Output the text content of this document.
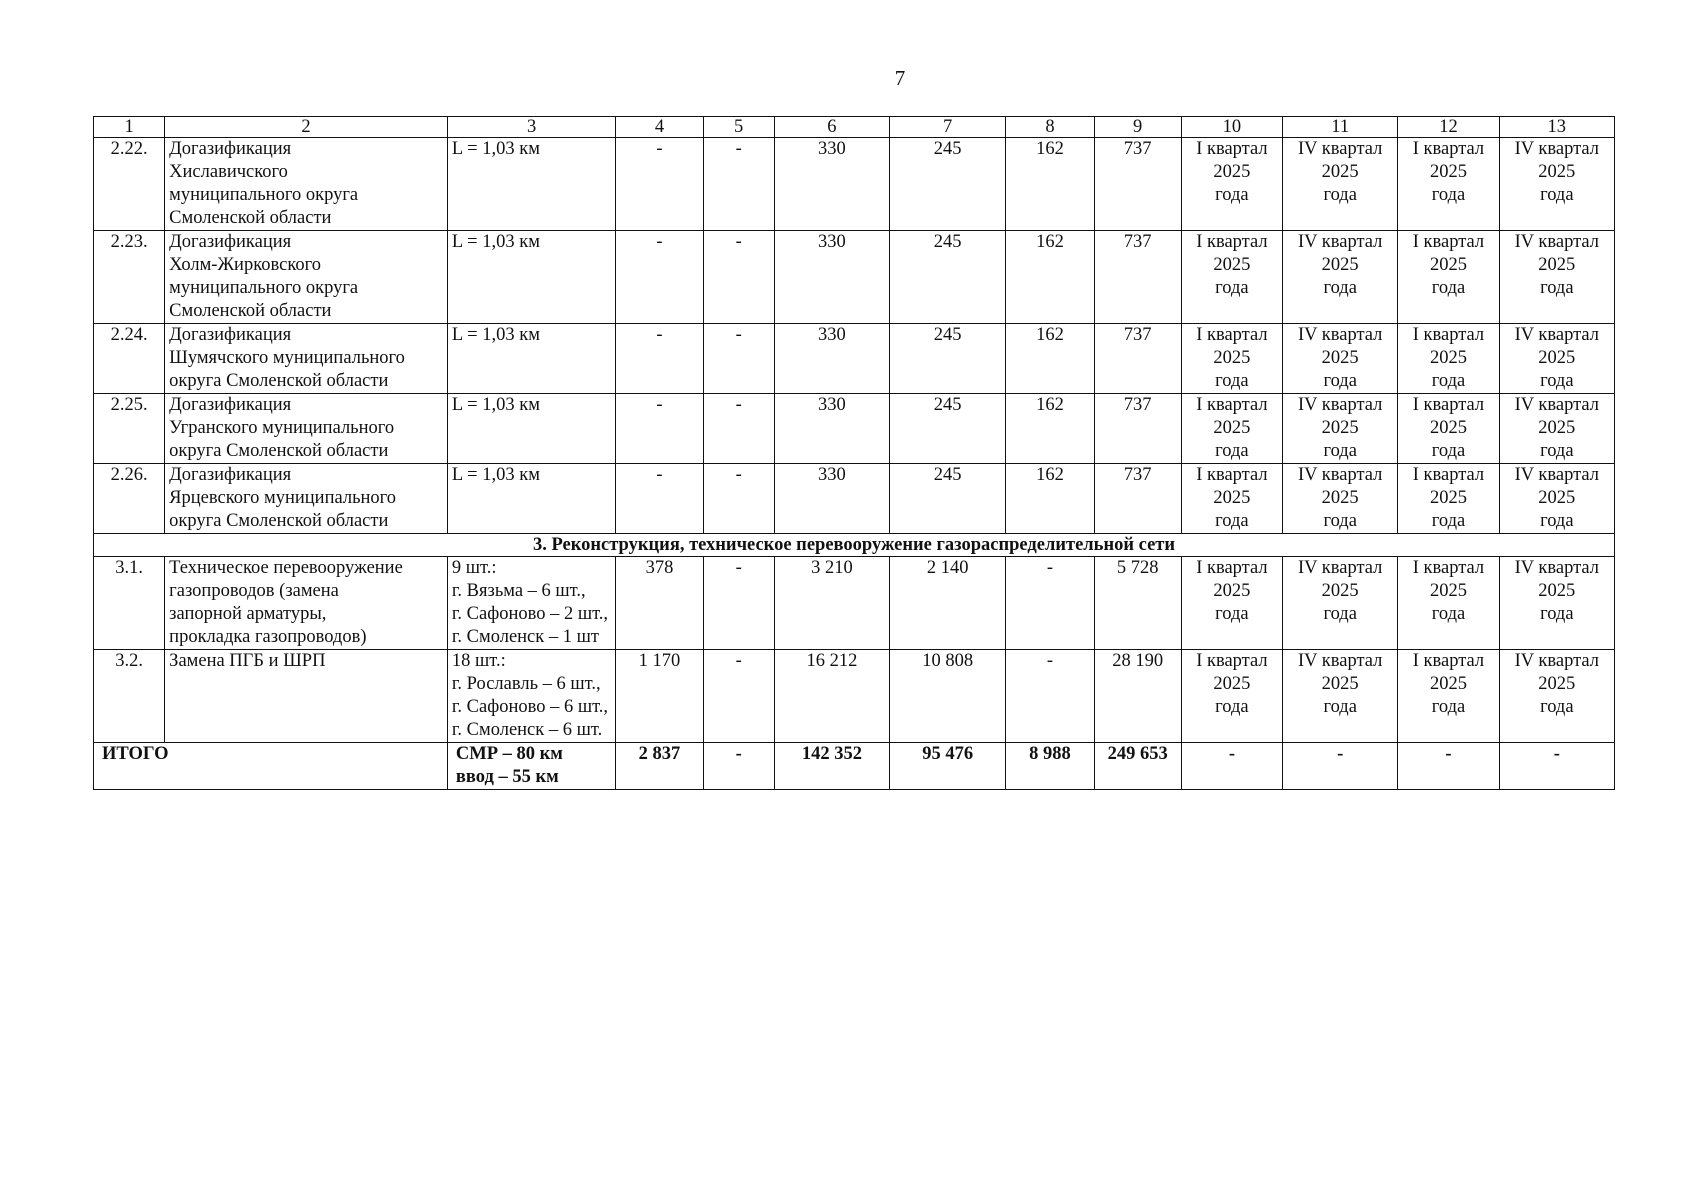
7
1	2	3	4	5	6	7	8	9	10	11	12	13
2.22.	Догазификация
Хиславичского
муниципального округа
Смоленской области	L = 1,03 км	-	-	330	245	162	737	I квартал
2025
года	IV квартал
2025
года	I квартал
2025
года	IV квартал
2025
года
2.23.	Догазификация
Холм-Жирковского
муниципального округа
Смоленской области	L = 1,03 км	-	-	330	245	162	737	I квартал
2025
года	IV квартал
2025
года	I квартал
2025
года	IV квартал
2025
года
2.24.	Догазификация
Шумячского муниципального
округа Смоленской области	L = 1,03 км	-	-	330	245	162	737	I квартал
2025
года	IV квартал
2025
года	I квартал
2025
года	IV квартал
2025
года
2.25.	Догазификация
Угранского муниципального
округа Смоленской области	L = 1,03 км	-	-	330	245	162	737	I квартал
2025
года	IV квартал
2025
года	I квартал
2025
года	IV квартал
2025
года
2.26.	Догазификация
Ярцевского муниципального
округа Смоленской области	L = 1,03 км	-	-	330	245	162	737	I квартал
2025
года	IV квартал
2025
года	I квартал
2025
года	IV квартал
2025
года
3. Реконструкция, техническое перевооружение газораспределительной сети												
3.1.	Техническое перевооружение
газопроводов (замена
запорной арматуры,
прокладка газопроводов)	9 шт.:
г. Вязьма – 6 шт.,
г. Сафоново – 2 шт.,
г. Смоленск – 1 шт	378	-	3 210	2 140	-	5 728	I квартал
2025
года	IV квартал
2025
года	I квартал
2025
года	IV квартал
2025
года
3.2.	Замена ПГБ и ШРП	18 шт.:
г. Рославль – 6 шт.,
г. Сафоново – 6 шт.,
г. Смоленск – 6 шт.	1 170	-	16 212	10 808	-	28 190	I квартал
2025
года	IV квартал
2025
года	I квартал
2025
года	IV квартал
2025
года
ИТОГО		СМР – 80 км
ввод – 55 км	2 837	-	142 352	95 476	8 988	249 653	-	-	-	-
